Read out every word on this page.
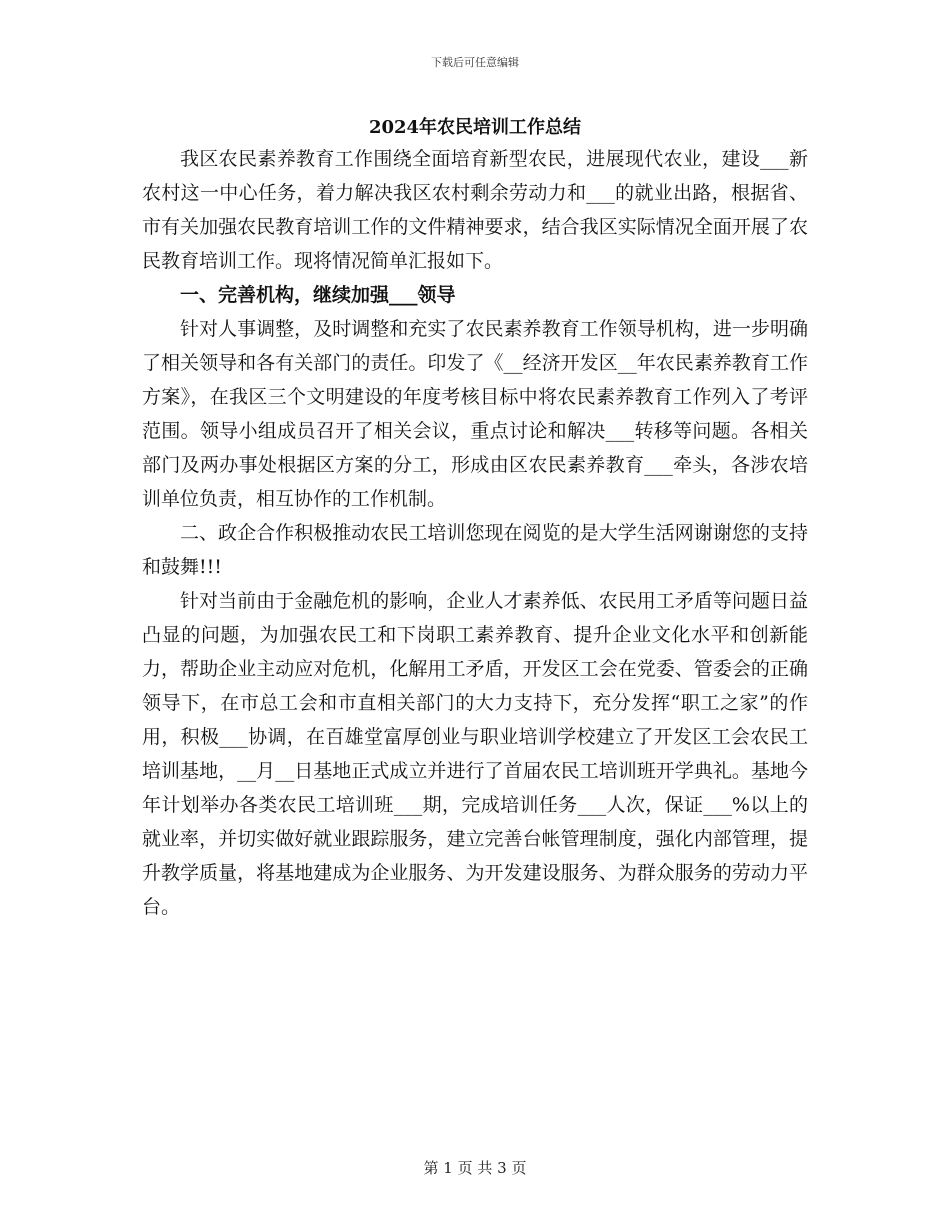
下载后可任意编辑
2024年农民培训工作总结

我区农民素养教育工作围绕全面培育新型农民，进展现代农业，建设___新农村这一中心任务，着力解决我区农村剩余劳动力和___的就业出路，根据省、市有关加强农民教育培训工作的文件精神要求，结合我区实际情况全面开展了农民教育培训工作。现将情况简单汇报如下。

一、完善机构，继续加强___领导

针对人事调整，及时调整和充实了农民素养教育工作领导机构，进一步明确了相关领导和各有关部门的责任。印发了《__经济开发区__年农民素养教育工作方案》，在我区三个文明建设的年度考核目标中将农民素养教育工作列入了考评范围。领导小组成员召开了相关会议，重点讨论和解决___转移等问题。各相关部门及两办事处根据区方案的分工，形成由区农民素养教育___牵头，各涉农培训单位负责，相互协作的工作机制。

二、政企合作积极推动农民工培训您现在阅览的是大学生活网谢谢您的支持和鼓舞!!!

针对当前由于金融危机的影响，企业人才素养低、农民用工矛盾等问题日益凸显的问题，为加强农民工和下岗职工素养教育、提升企业文化水平和创新能力，帮助企业主动应对危机，化解用工矛盾，开发区工会在党委、管委会的正确领导下，在市总工会和市直相关部门的大力支持下，充分发挥“职工之家”的作用，积极___协调，在百雄堂富厚创业与职业培训学校建立了开发区工会农民工培训基地，__月__日基地正式成立并进行了首届农民工培训班开学典礼。基地今年计划举办各类农民工培训班___期，完成培训任务___人次，保证___%以上的就业率，并切实做好就业跟踪服务，建立完善台帐管理制度，强化内部管理，提升教学质量，将基地建成为企业服务、为开发建设服务、为群众服务的劳动力平台。

第 1 页 共 3 页
